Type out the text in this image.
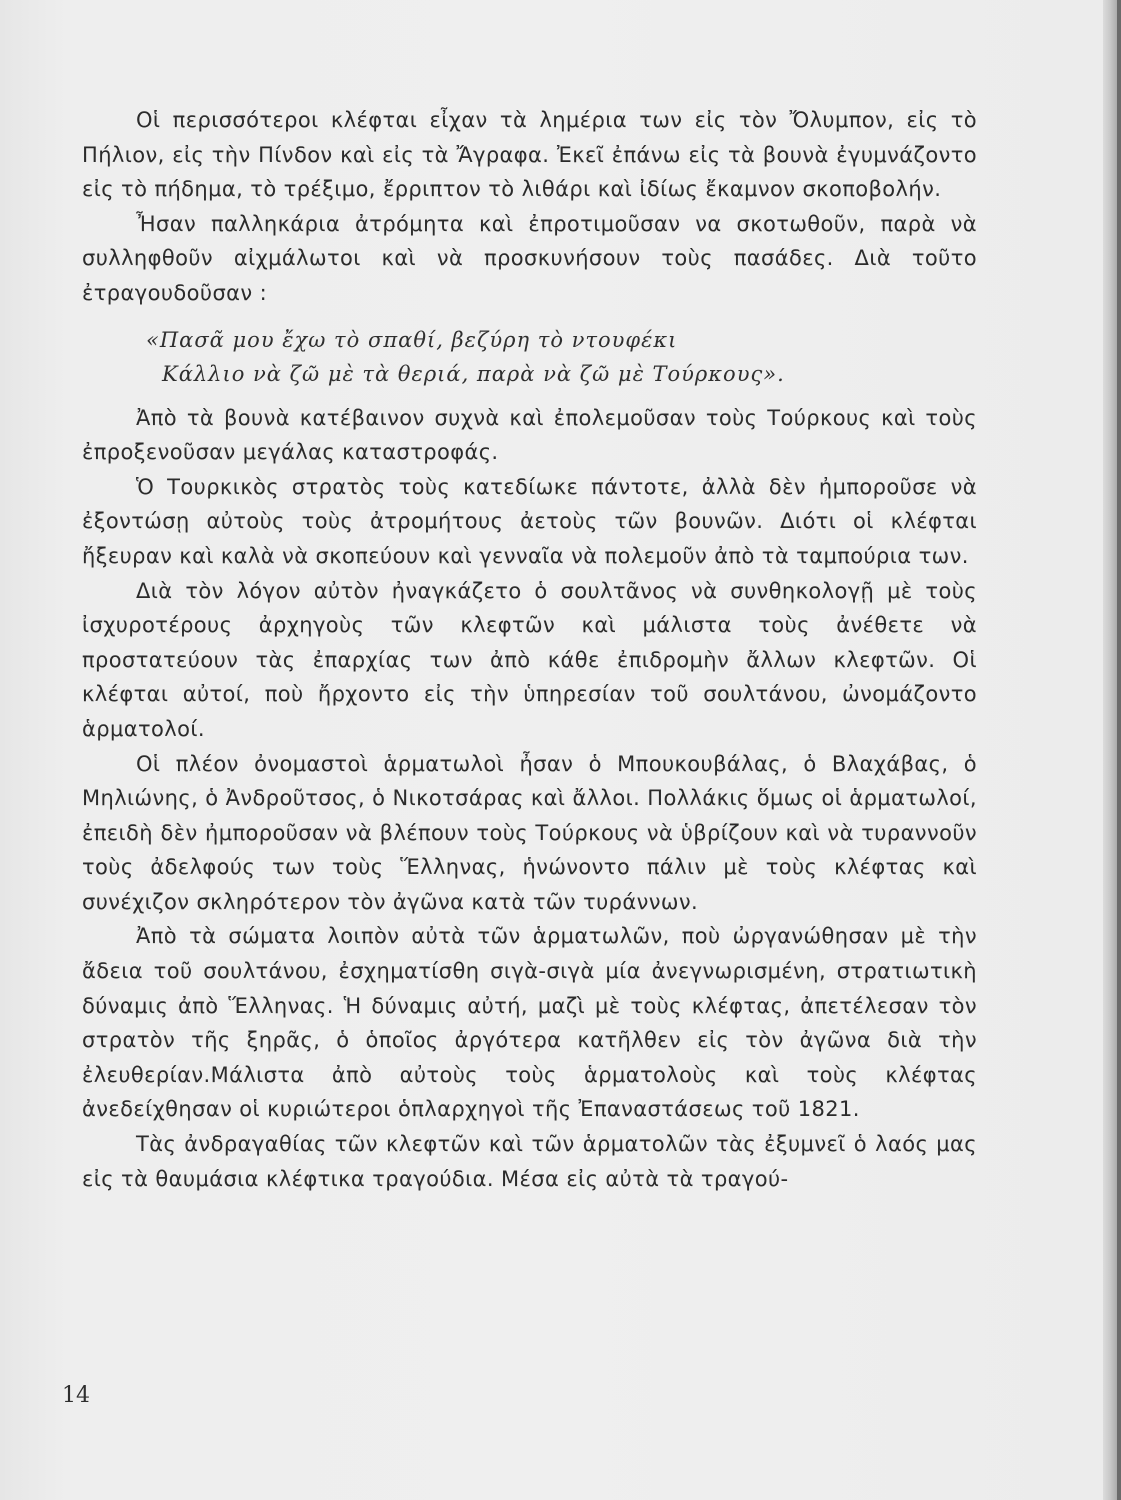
Οἱ περισσότεροι κλέφται εἶχαν τὰ λημέρια των εἰς τὸν Ὄλυμπον, εἰς τὸ Πήλιον, εἰς τὴν Πίνδον καὶ εἰς τὰ Ἄγραφα. Ἐκεῖ ἐπάνω εἰς τὰ βουνὰ ἐγυμνάζοντο εἰς τὸ πήδημα, τὸ τρέξιμο, ἔρριπτον τὸ λιθάρι καὶ ἰδίως ἔκαμνον σκοποβολήν.

Ἦσαν παλληκάρια ἀτρόμητα καὶ ἐπροτιμοῦσαν να σκοτωθοῦν, παρὰ νὰ συλληφθοῦν αἰχμάλωτοι καὶ νὰ προσκυνήσουν τοὺς πασάδες. Διὰ τοῦτο ἐτραγουδοῦσαν :

«Πασᾶ μου ἔχω τὸ σπαθί, βεζύρη τὸ ντουφέκι
Κάλλιο νὰ ζῶ μὲ τὰ θεριά, παρὰ νὰ ζῶ μὲ Τούρκους».

Ἀπὸ τὰ βουνὰ κατέβαινον συχνὰ καὶ ἐπολεμοῦσαν τοὺς Τούρκους καὶ τοὺς ἐπροξενοῦσαν μεγάλας καταστροφάς.

Ὁ Τουρκικὸς στρατὸς τοὺς κατεδίωκε πάντοτε, ἀλλὰ δὲν ἠμποροῦσε νὰ ἐξοντώσῃ αὐτοὺς τοὺς ἀτρομήτους ἀετοὺς τῶν βουνῶν. Διότι οἱ κλέφται ἤξευραν καὶ καλὰ νὰ σκοπεύουν καὶ γενναῖα νὰ πολεμοῦν ἀπὸ τὰ ταμπούρια των.

Διὰ τὸν λόγον αὐτὸν ἠναγκάζετο ὁ σουλτᾶνος νὰ συνθηκολογῇ μὲ τοὺς ἰσχυροτέρους ἀρχηγοὺς τῶν κλεφτῶν καὶ μάλιστα τοὺς ἀνέθετε νὰ προστατεύουν τὰς ἐπαρχίας των ἀπὸ κάθε ἐπιδρομὴν ἄλλων κλεφτῶν. Οἱ κλέφται αὐτοί, ποὺ ἤρχοντο εἰς τὴν ὑπηρεσίαν τοῦ σουλτάνου, ὠνομάζοντο ἁρματολοί.

Οἱ πλέον ὀνομαστοὶ ἁρματωλοὶ ἦσαν ὁ Μπουκουβάλας, ὁ Βλαχάβας, ὁ Μηλιώνης, ὁ Ἀνδροῦτσος, ὁ Νικοτσάρας καὶ ἄλλοι. Πολλάκις ὅμως οἱ ἁρματωλοί, ἐπειδὴ δὲν ἠμποροῦσαν νὰ βλέπουν τοὺς Τούρκους νὰ ὑβρίζουν καὶ νὰ τυραννοῦν τοὺς ἀδελφούς των τοὺς Ἕλληνας, ἡνώνοντο πάλιν μὲ τοὺς κλέφτας καὶ συνέχιζον σκληρότερον τὸν ἀγῶνα κατὰ τῶν τυράννων.

Ἀπὸ τὰ σώματα λοιπὸν αὐτὰ τῶν ἁρματωλῶν, ποὺ ὠργανώθησαν μὲ τὴν ἄδεια τοῦ σουλτάνου, ἐσχηματίσθη σιγὰ-σιγὰ μία ἀνεγνωρισμένη, στρατιωτικὴ δύναμις ἀπὸ Ἕλληνας. Ἡ δύναμις αὐτή, μαζὶ μὲ τοὺς κλέφτας, ἀπετέλεσαν τὸν στρατὸν τῆς ξηρᾶς, ὁ ὁποῖος ἀργότερα κατῆλθεν εἰς τὸν ἀγῶνα διὰ τὴν ἐλευθερίαν.Μάλιστα ἀπὸ αὐτοὺς τοὺς ἁρματολοὺς καὶ τοὺς κλέφτας ἀνεδείχθησαν οἱ κυριώτεροι ὁπλαρχηγοὶ τῆς Ἐπαναστάσεως τοῦ 1821.

Τὰς ἀνδραγαθίας τῶν κλεφτῶν καὶ τῶν ἁρματολῶν τὰς ἐξυμνεῖ ὁ λαός μας εἰς τὰ θαυμάσια κλέφτικα τραγούδια. Μέσα εἰς αὐτὰ τὰ τραγού-

14
